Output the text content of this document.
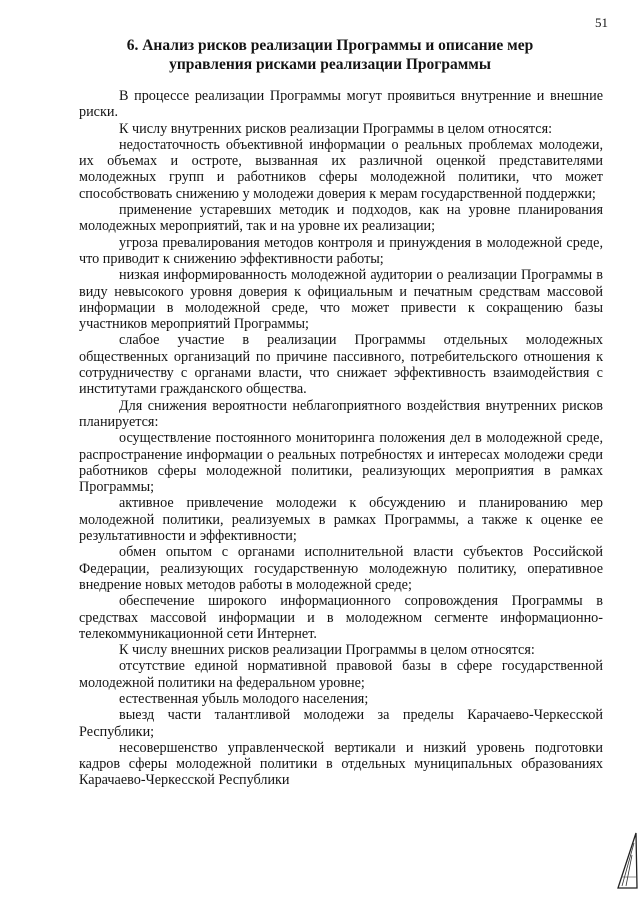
51
6. Анализ рисков реализации Программы и описание мер
управления рисками реализации Программы

В процессе реализации Программы могут проявиться внутренние и внешние риски.

К числу внутренних рисков реализации Программы в целом относятся:

недостаточность объективной информации о реальных проблемах молодежи, их объемах и остроте, вызванная их различной оценкой представителями молодежных групп и работников сферы молодежной политики, что может способствовать снижению у молодежи доверия к мерам государственной поддержки;

применение устаревших методик и подходов, как на уровне планирования молодежных мероприятий, так и на уровне их реализации;

угроза превалирования методов контроля и принуждения в молодежной среде, что приводит к снижению эффективности работы;

низкая информированность молодежной аудитории о реализации Программы в виду невысокого уровня доверия к официальным и печатным средствам массовой информации в молодежной среде, что может привести к сокращению базы участников мероприятий Программы;

слабое участие в реализации Программы отдельных молодежных общественных организаций по причине пассивного, потребительского отношения к сотрудничеству с органами власти, что снижает эффективность взаимодействия с институтами гражданского общества.

Для снижения вероятности неблагоприятного воздействия внутренних рисков планируется:

осуществление постоянного мониторинга положения дел в молодежной среде, распространение информации о реальных потребностях и интересах молодежи среди работников сферы молодежной политики, реализующих мероприятия в рамках Программы;

активное привлечение молодежи к обсуждению и планированию мер молодежной политики, реализуемых в рамках Программы, а также к оценке ее результативности и эффективности;

обмен опытом с органами исполнительной власти субъектов Российской Федерации, реализующих государственную молодежную политику, оперативное внедрение новых методов работы в молодежной среде;

обеспечение широкого информационного сопровождения Программы в средствах массовой информации и в молодежном сегменте информационно-телекоммуникационной сети Интернет.

К числу внешних рисков реализации Программы в целом относятся:

отсутствие единой нормативной правовой базы в сфере государственной молодежной политики на федеральном уровне;

естественная убыль молодого населения;

выезд части талантливой молодежи за пределы Карачаево-Черкесской Республики;

несовершенство управленческой вертикали и низкий уровень подготовки кадров сферы молодежной политики в отдельных муниципальных образованиях Карачаево-Черкесской Республики
